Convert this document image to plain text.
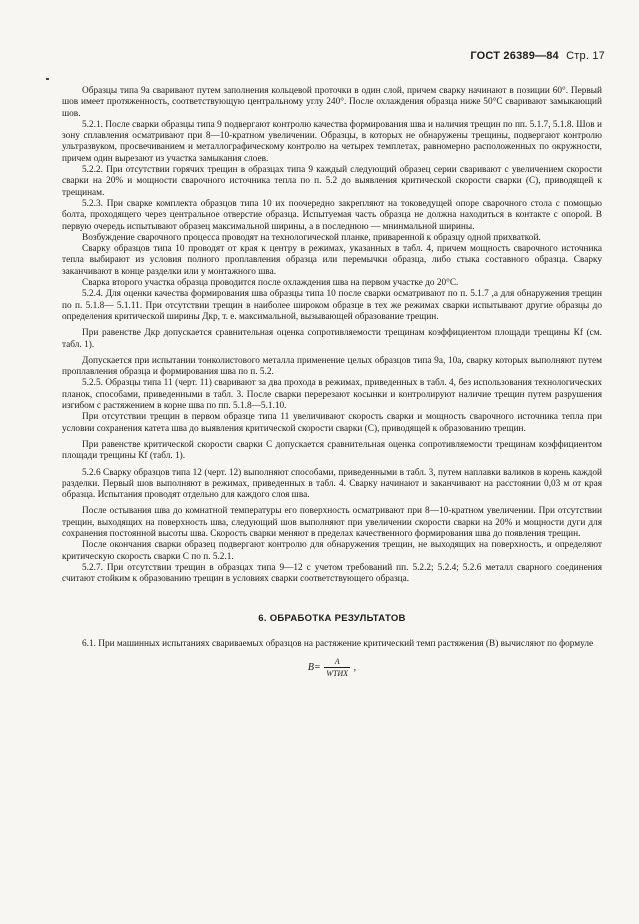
ГОСТ 26389—84 Стр. 17

Образцы типа 9а сваривают путем заполнения кольцевой проточки в один слой, причем сварку начинают в позиции 60°. Первый шов имеет протяженность, соответствующую центральному углу 240°. После охлаждения образца ниже 50°С сваривают замыкающий шов.

5.2.1. После сварки образцы типа 9 подвергают контролю качества формирования шва и наличия трещин по пп. 5.1.7, 5.1.8. Шов и зону сплавления осматривают при 8—10-кратном увеличении. Образцы, в которых не обнаружены трещины, подвергают контролю ультразвуком, просвечиванием и металлографическому контролю на четырех темплетах, равномерно расположенных по окружности, причем один вырезают из участка замыкания слоев.

5.2.2. При отсутствии горячих трещин в образцах типа 9 каждый следующий образец серии сваривают с увеличением скорости сварки на 20% и мощности сварочного источника тепла по п. 5.2 до выявления критической скорости сварки (С), приводящей к трещинам.

5.2.3. При сварке комплекта образцов типа 10 их поочередно закрепляют на токоведущей опоре сварочного стола с помощью болта, проходящего через центральное отверстие образца. Испытуемая часть образца не должна находиться в контакте с опорой. В первую очередь испытывают образец максимальной ширины, а в последнюю — мнинмальной ширины.

Возбуждение сварочного процесса проводят на технологической планке, приваренной к образцу одной прихваткой.

Сварку образцов типа 10 проводят от края к центру в режимах, указанных в табл. 4, причем мощность сварочного источника тепла выбирают из условия полного проплавления образца или перемычки образца, либо стыка составного образца. Сварку заканчивают в конце разделки или у монтажного шва.

Сварка второго участка образца проводится после охлаждения шва на первом участке до 20°С.

5.2.4. Для оценки качества формирования шва образцы типа 10 после сварки осматривают по п. 5.1.7 ,а для обнаружения трещин по п. 5.1.8— 5.1.11. При отсутствии трещин в наиболее широком образце в тех же режимах сварки испытывают другие образцы до определения критической ширины Дкр, т. е. максимальной, вызывающей образование трещин.

При равенстве Дкр допускается сравнительная оценка сопротивляемости трещинам коэффициентом площади трещины Кf (см. табл. 1).

Допускается при испытании тонколистового металла применение целых образцов типа 9а, 10а, сварку которых выполняют путем проплавления образца и формирования шва по п. 5.2.

5.2.5. Образцы типа 11 (черт. 11) сваривают за два прохода в режимах, приведенных в табл. 4, без использования технологических планок, способами, приведенными в табл. 3. После сварки перерезают косынки и контролируют наличие трещин путем разрушения изгибом с растяжением в корне шва по пп. 5.1.8—5.1.10.

При отсутствии трещин в первом образце типа 11 увеличивают скорость сварки и мощность сварочного источника тепла при условии сохранения катета шва до выявления критической скорости сварки (С), приводящей к образованию трещин.

При равенстве критической скорости сварки С допускается сравнительная оценка сопротивляемости трещинам коэффициентом площади трещины Кf (табл. 1).

5.2.6 Сварку образцов типа 12 (черт. 12) выполняют способами, приведенными в табл. 3, путем наплавки валиков в корень каждой разделки. Первый шов выполняют в режимах, приведенных в табл. 4. Сварку начинают и заканчивают на расстоянии 0,03 м от края образца. Испытания проводят отдельно для каждого слоя шва.

После остывания шва до комнатной температуры его поверхность осматривают при 8—10-кратном увеличении. При отсутствии трещин, выходящих на поверхность шва, следующий шов выполняют при увеличении скорости сварки на 20% и мощности дуги для сохранения постоянной высоты шва. Скорость сварки меняют в пределах качественного формирования шва до появления трещин.

После окончания сварки образец подвергают контролю для обнаружения трещин, не выходящих на поверхность, и определяют критическую скорость сварки С по п. 5.2.1.

5.2.7. При отсутствии трещин в образцах типа 9—12 с учетом требований пп. 5.2.2; 5.2.4; 5.2.6 металл сварного соединения считают стойким к образованию трещин в условиях сварки соответствующего образца.

6. ОБРАБОТКА РЕЗУЛЬТАТОВ

6.1. При машинных испытаниях свариваемых образцов на растяжение критический темп растяжения (В) вычисляют по формуле

$B= \frac{A}{\text{WТИХ}}$ ,
